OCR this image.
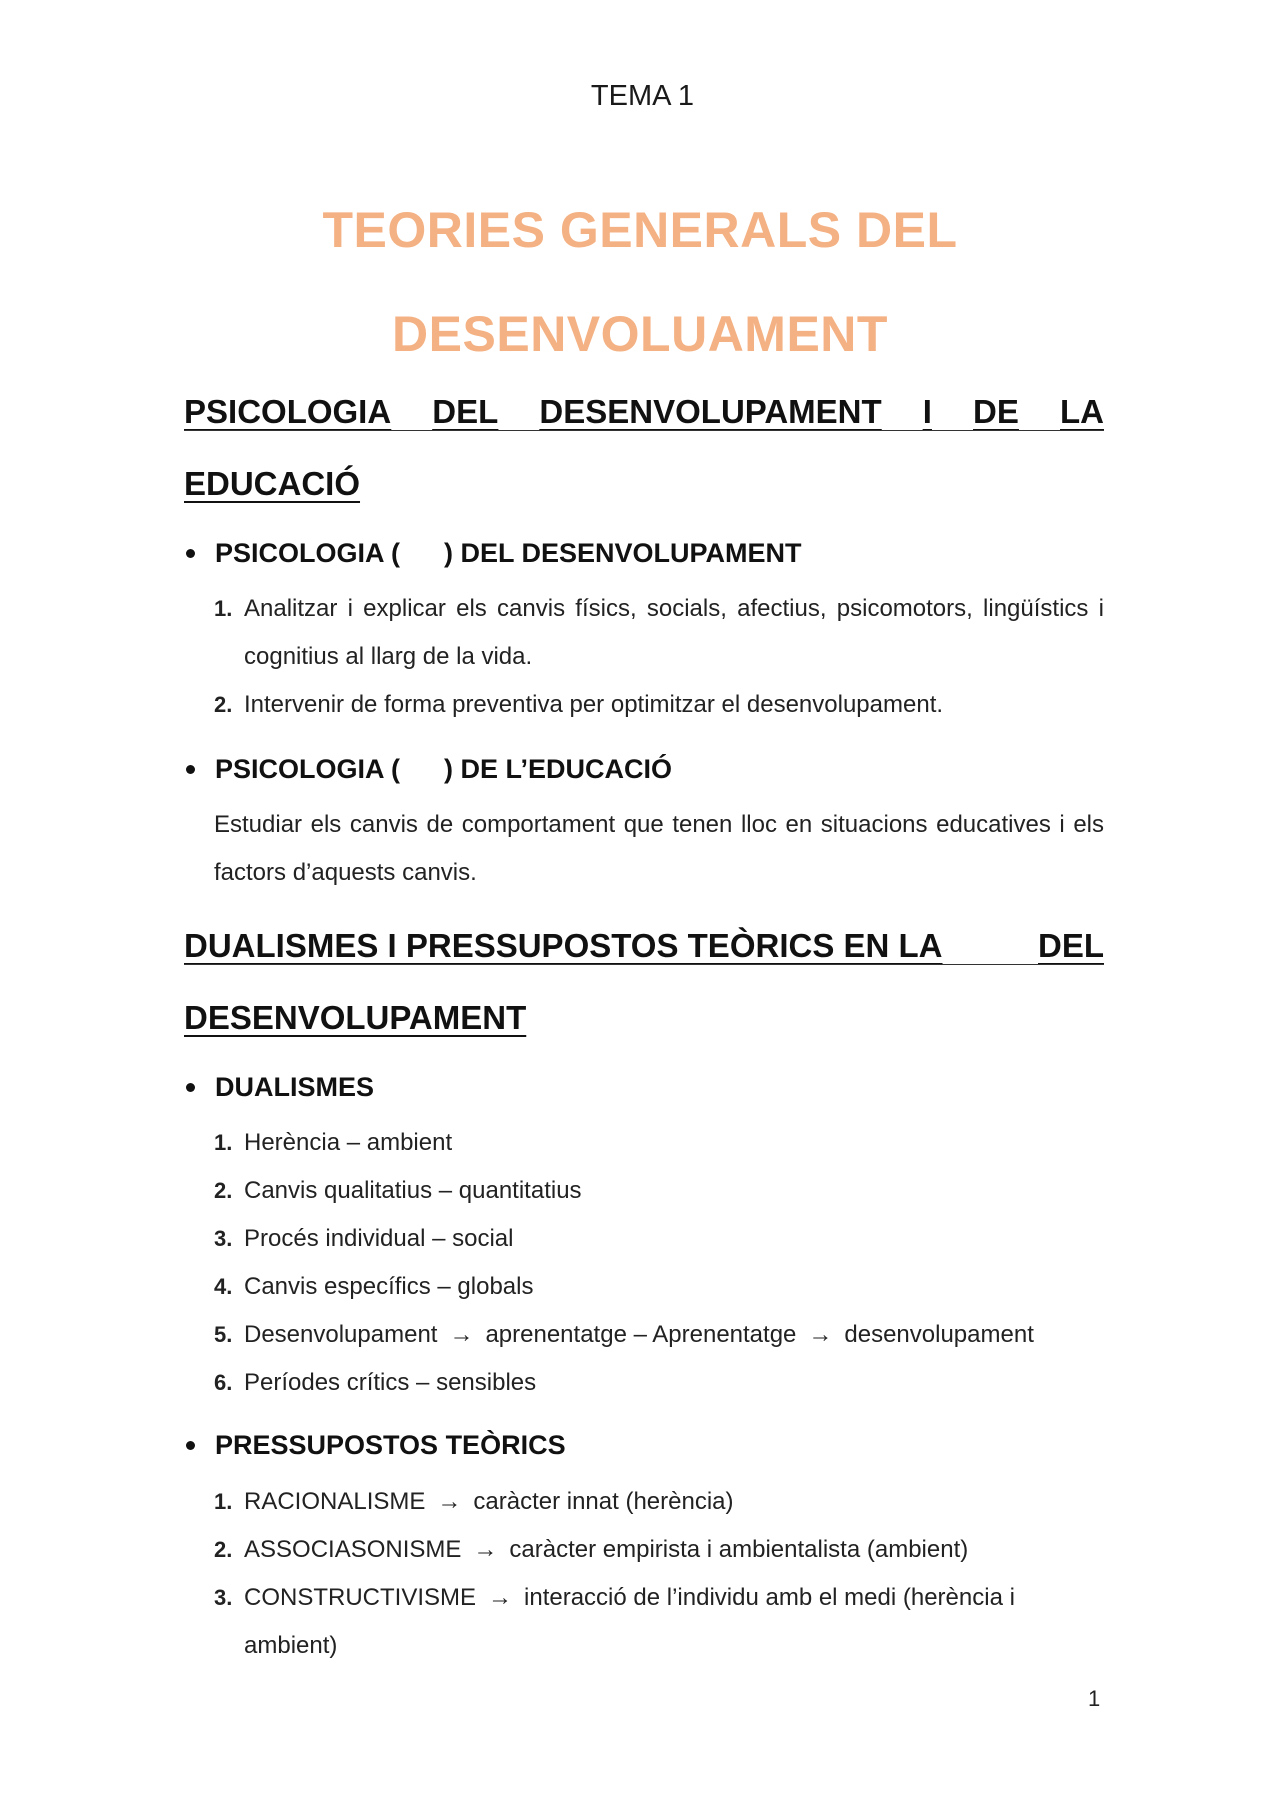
TEMA 1
TEORIES GENERALS DEL
DESENVOLUAMENT
PSICOLOGIA DEL DESENVOLUPAMENT I DE LA
EDUCACIÓ
PSICOLOGIA ( ) DEL DESENVOLUPAMENT
1. Analitzar i explicar els canvis físics, socials, afectius, psicomotors, lingüístics i cognitius al llarg de la vida.
2. Intervenir de forma preventiva per optimitzar el desenvolupament.
PSICOLOGIA ( ) DE L’EDUCACIÓ
Estudiar els canvis de comportament que tenen lloc en situacions educatives i els factors d’aquests canvis.
DUALISMES I PRESSUPOSTOS TEÒRICS EN LA	DEL
DESENVOLUPAMENT
DUALISMES
1. Herència – ambient
2. Canvis qualitatius – quantitatius
3. Procés individual – social
4. Canvis específics – globals
5. Desenvolupament → aprenentatge – Aprenentatge → desenvolupament
6. Períodes crítics – sensibles
PRESSUPOSTOS TEÒRICS
1. RACIONALISME → caràcter innat (herència)
2. ASSOCIASONISME → caràcter empirista i ambientalista (ambient)
3. CONSTRUCTIVISME → interacció de l’individu amb el medi (herència i ambient)
1
